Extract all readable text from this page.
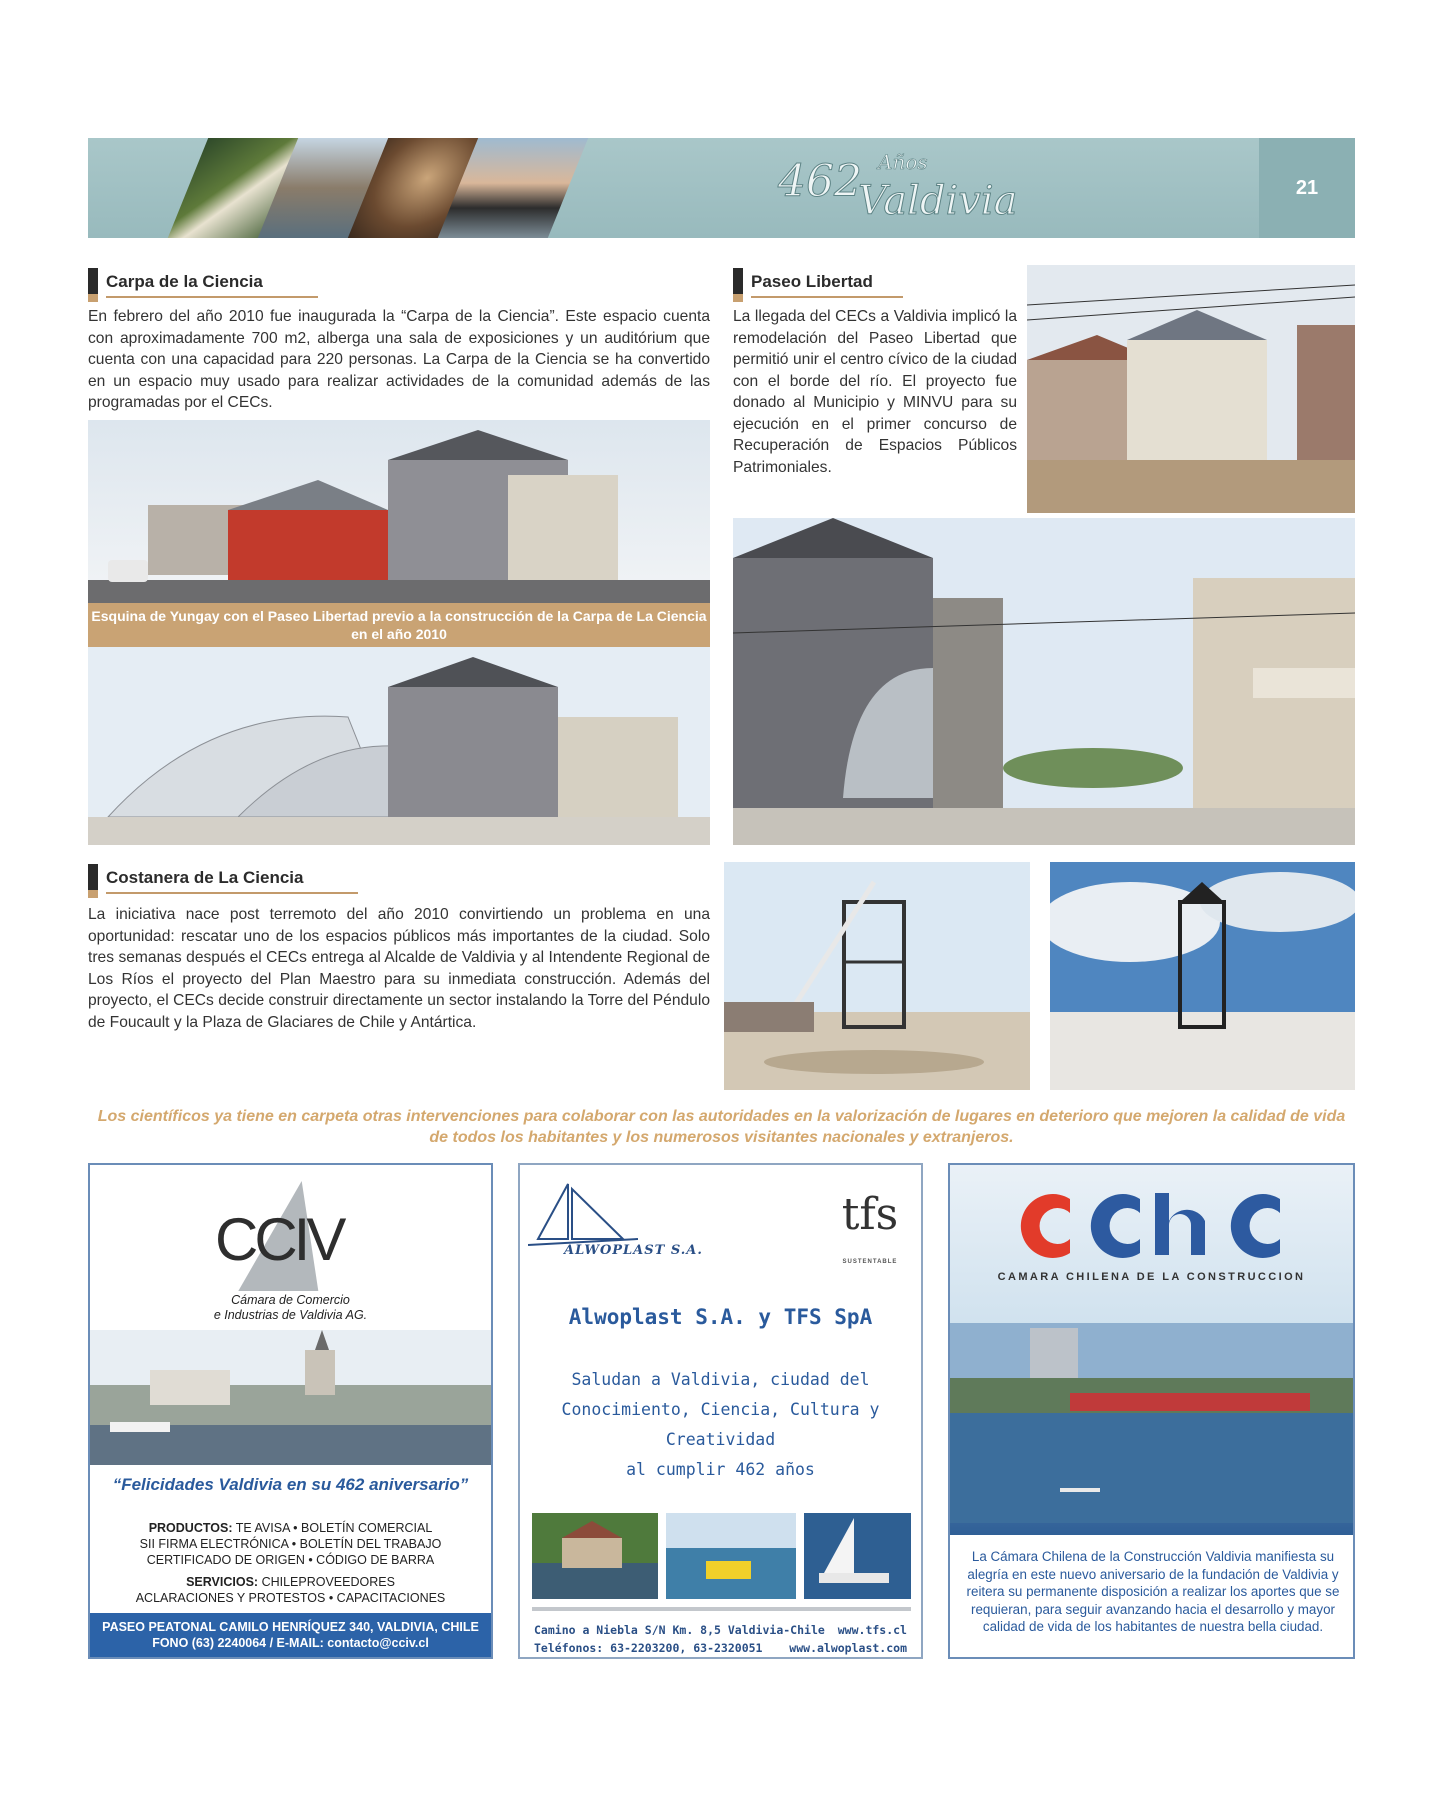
462 Años
Valdivia	21
Carpa de la Ciencia
En febrero del año 2010 fue inaugurada la “Carpa de la Ciencia”. Este espacio cuenta con aproximadamente 700 m2, alberga una sala de exposiciones y un auditórium que cuenta con una capacidad para 220 personas. La Carpa de la Ciencia se ha convertido en un espacio muy usado para realizar actividades de la comunidad además de las programadas por el CECs.
Esquina de Yungay con el Paseo Libertad previo a la construcción de la Carpa de La Ciencia en el año 2010
Paseo Libertad
La llegada del CECs a Valdivia implicó la remodelación del Paseo Libertad que permitió unir el centro cívico de la ciudad con el borde del río. El proyecto fue donado al Municipio y MINVU para su ejecución en el primer concurso de Recuperación de Espacios Públicos Patrimoniales.
Costanera de La Ciencia
La iniciativa nace post terremoto del año 2010 convirtiendo un problema en una oportunidad: rescatar uno de los espacios públicos más importantes de la ciudad. Solo tres semanas después el CECs entrega al Alcalde de Valdivia y al Intendente Regional de Los Ríos el proyecto del Plan Maestro para su inmediata construcción. Además del proyecto, el CECs decide construir directamente un sector instalando la Torre del Péndulo de Foucault y la Plaza de Glaciares de Chile y Antártica.
Los científicos ya tiene en carpeta otras intervenciones para colaborar con las autoridades en la valorización de lugares en deterioro que mejoren la calidad de vida de todos los habitantes y los numerosos visitantes nacionales y extranjeros.
CCIV
Cámara de Comercio
e Industrias de Valdivia AG.
“Felicidades Valdivia en su 462 aniversario”
PRODUCTOS: TE AVISA • BOLETÍN COMERCIAL
SII FIRMA ELECTRÓNICA • BOLETÍN DEL TRABAJO
CERTIFICADO DE ORIGEN • CÓDIGO DE BARRA
SERVICIOS: CHILEPROVEEDORES
ACLARACIONES Y PROTESTOS • CAPACITACIONES
PASEO PEATONAL CAMILO HENRÍQUEZ 340, VALDIVIA, CHILE
FONO (63) 2240064 / E-MAIL: contacto@cciv.cl
ALWOPLAST S.A.
tfs
SUSTENTABLE
Alwoplast S.A. y TFS SpA
Saludan a Valdivia, ciudad del
Conocimiento, Ciencia, Cultura y Creatividad
al cumplir 462 años
Camino a Niebla S/N Km. 8,5 Valdivia-Chile
Teléfonos: 63-2203200, 63-2320051
www.tfs.cl
www.alwoplast.com
CAMARA CHILENA DE LA CONSTRUCCION
La Cámara Chilena de la Construcción Valdivia manifiesta su alegría en este nuevo aniversario de la fundación de Valdivia y reitera su permanente disposición a realizar los aportes que se requieran, para seguir avanzando hacia el desarrollo y mayor calidad de vida de los habitantes de nuestra bella ciudad.
